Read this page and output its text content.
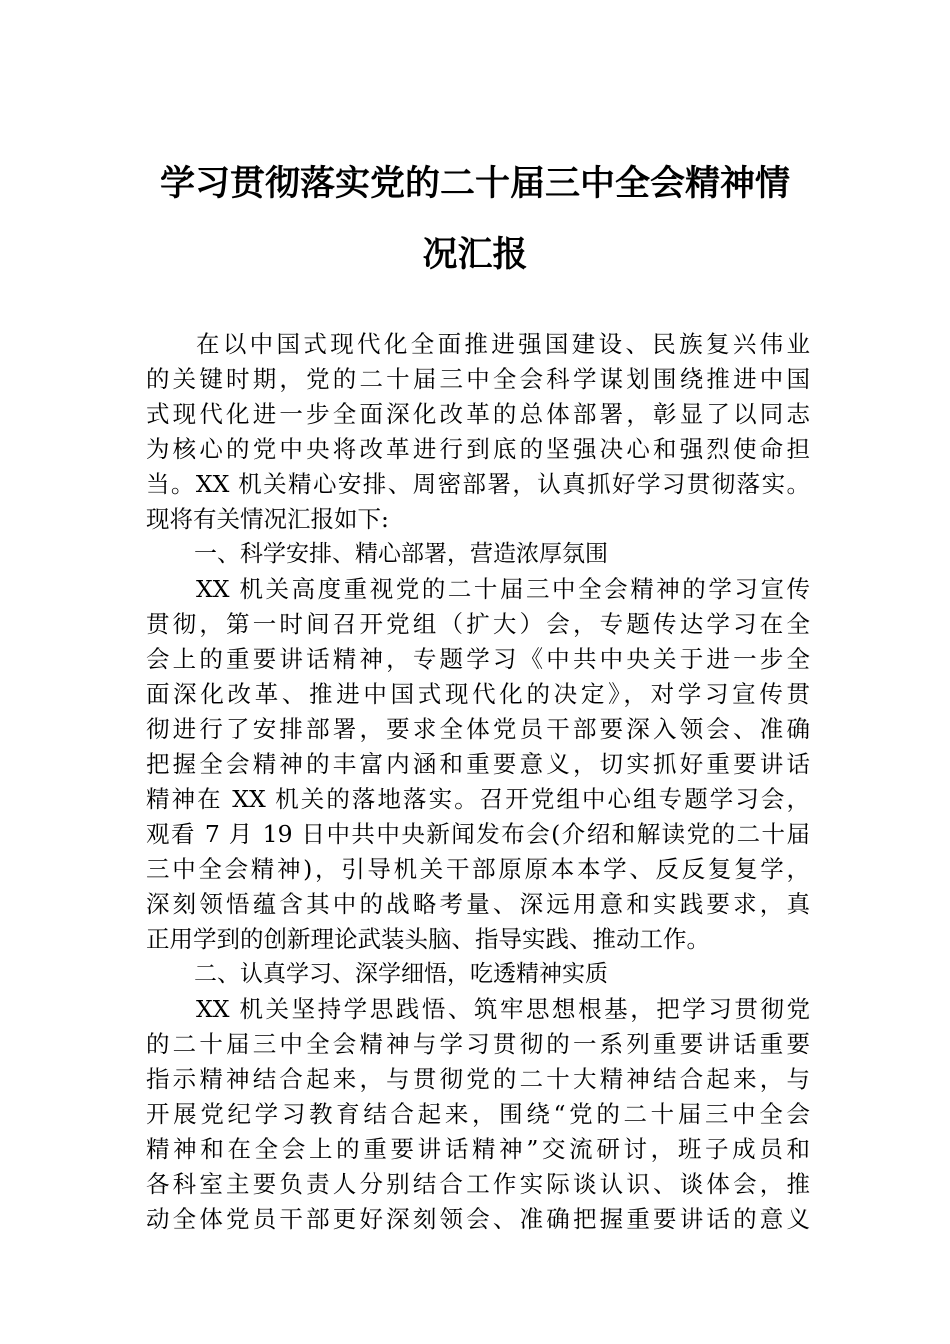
学习贯彻落实党的二十届三中全会精神情
况汇报
在以中国式现代化全面推进强国建设、民族复兴伟业
的关键时期，党的二十届三中全会科学谋划围绕推进中国
式现代化进一步全面深化改革的总体部署，彰显了以同志
为核心的党中央将改革进行到底的坚强决心和强烈使命担
当。XX 机关精心安排、周密部署，认真抓好学习贯彻落实。
现将有关情况汇报如下:
一、科学安排、精心部署，营造浓厚氛围
XX 机关高度重视党的二十届三中全会精神的学习宣传
贯彻，第一时间召开党组（扩大）会，专题传达学习在全
会上的重要讲话精神，专题学习《中共中央关于进一步全
面深化改革、推进中国式现代化的决定》，对学习宣传贯
彻进行了安排部署，要求全体党员干部要深入领会、准确
把握全会精神的丰富内涵和重要意义，切实抓好重要讲话
精神在 XX 机关的落地落实。召开党组中心组专题学习会，
观看 7 月 19 日中共中央新闻发布会(介绍和解读党的二十届
三中全会精神)，引导机关干部原原本本学、反反复复学，
深刻领悟蕴含其中的战略考量、深远用意和实践要求，真
正用学到的创新理论武装头脑、指导实践、推动工作。
二、认真学习、深学细悟，吃透精神实质
XX 机关坚持学思践悟、筑牢思想根基，把学习贯彻党
的二十届三中全会精神与学习贯彻的一系列重要讲话重要
指示精神结合起来，与贯彻党的二十大精神结合起来，与
开展党纪学习教育结合起来，围绕“党的二十届三中全会
精神和在全会上的重要讲话精神”交流研讨，班子成员和
各科室主要负责人分别结合工作实际谈认识、谈体会，推
动全体党员干部更好深刻领会、准确把握重要讲话的意义
